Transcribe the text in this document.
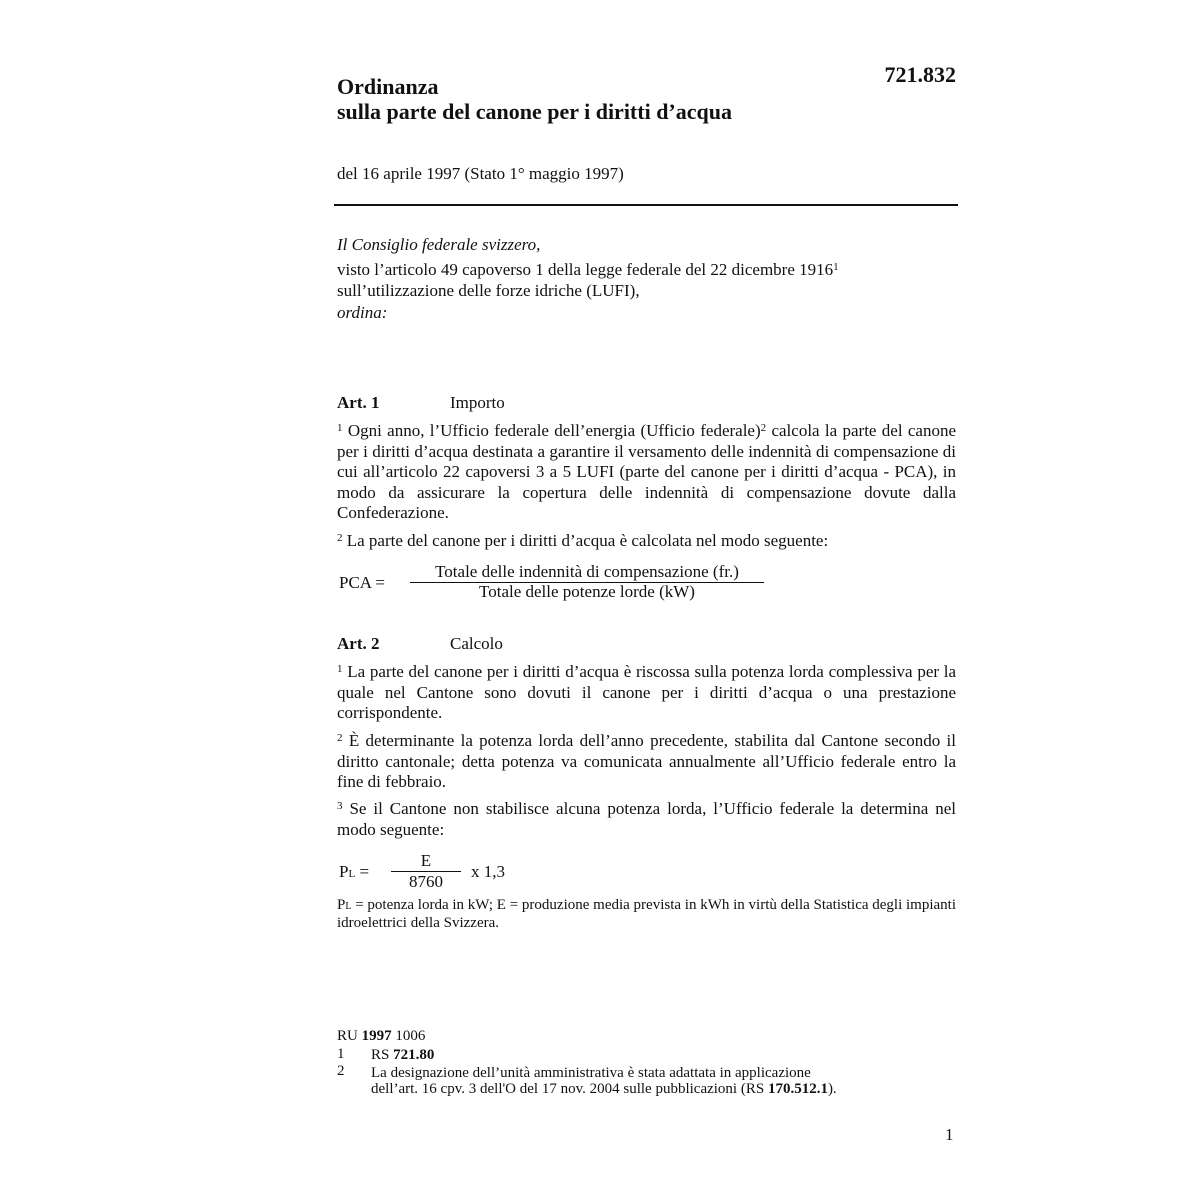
721.832
Ordinanza
sulla parte del canone per i diritti d’acqua
del 16 aprile 1997 (Stato 1° maggio 1997)

Il Consiglio federale svizzero,

visto l’articolo 49 capoverso 1 della legge federale del 22 dicembre 1916$^1$

sull’utilizzazione delle forze idriche (LUFI),

ordina:

Art. 1	Importo
$^1$ Ogni anno, l’Ufficio federale dell’energia (Ufficio federale)$^2$ calcola la parte del canone per i diritti d’acqua destinata a garantire il versamento delle indennità di compensazione di cui all’articolo 22 capoversi 3 a 5 LUFI (parte del canone per i diritti d’acqua - PCA), in modo da assicurare la copertura delle indennità di compensazione dovute dalla Confederazione.
$^2$ La parte del canone per i diritti d’acqua è calcolata nel modo seguente:
PCA =
Totale delle indennità di compensazione (fr.)
Totale delle potenze lorde (kW)
Art. 2	Calcolo
$^1$ La parte del canone per i diritti d’acqua è riscossa sulla potenza lorda complessiva per la quale nel Cantone sono dovuti il canone per i diritti d’acqua o una prestazione corrispondente.
$^2$ È determinante la potenza lorda dell’anno precedente, stabilita dal Cantone secondo il diritto cantonale; detta potenza va comunicata annualmente all’Ufficio federale entro la fine di febbraio.
$^3$ Se il Cantone non stabilisce alcuna potenza lorda, l’Ufficio federale la determina nel modo seguente:
PL =
E
8760
x 1,3
PL = potenza lorda in kW; E = produzione media prevista in kWh in virtù della Statistica degli impianti idroelettrici della Svizzera.
RU 1997 1006
1 RS 721.80
2 La designazione dell’unità amministrativa è stata adattata in applicazione
dell’art. 16 cpv. 3 dell'O del 17 nov. 2004 sulle pubblicazioni (RS 170.512.1).
1
